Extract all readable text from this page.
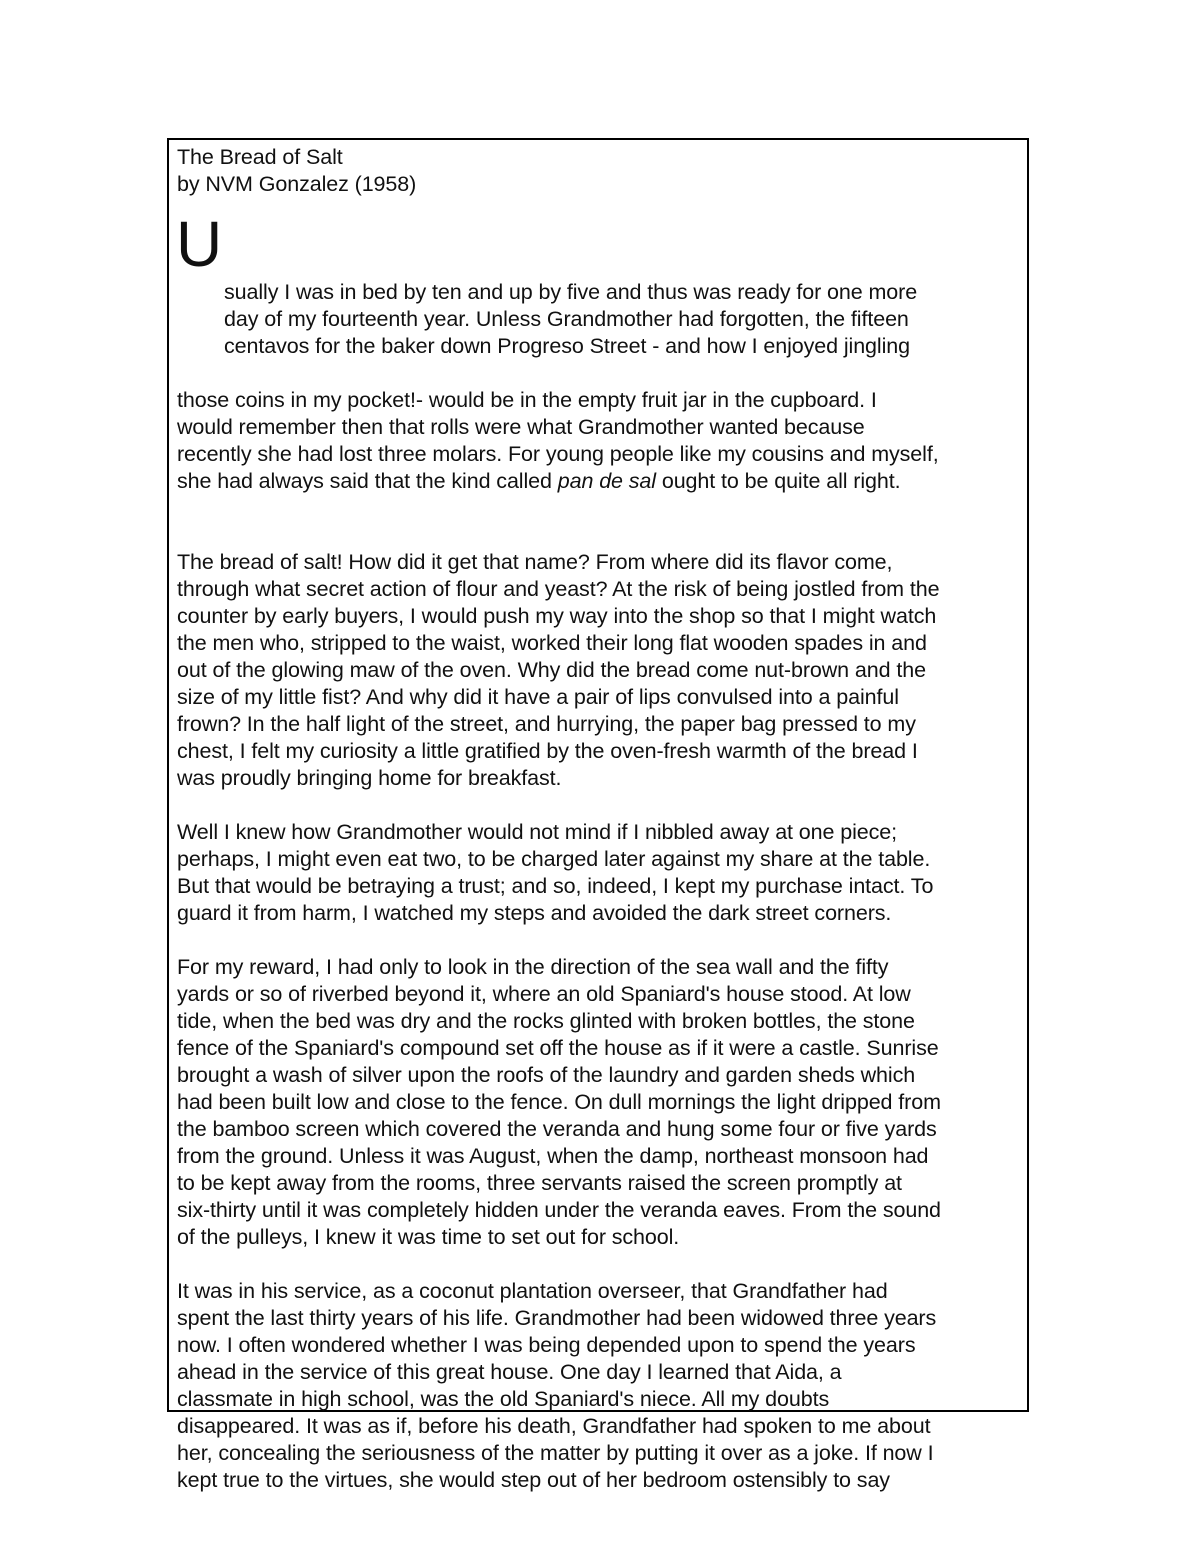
The Bread of Salt
by NVM Gonzalez (1958)

U

sually I was in bed by ten and up by five and thus was ready for one more
day of my fourteenth year. Unless Grandmother had forgotten, the fifteen
centavos for the baker down Progreso Street - and how I enjoyed jingling

those coins in my pocket!- would be in the empty fruit jar in the cupboard. I
would remember then that rolls were what Grandmother wanted because
recently she had lost three molars. For young people like my cousins and myself,
she had always said that the kind called pan de sal ought to be quite all right.

The bread of salt! How did it get that name? From where did its flavor come,
through what secret action of flour and yeast? At the risk of being jostled from the
counter by early buyers, I would push my way into the shop so that I might watch
the men who, stripped to the waist, worked their long flat wooden spades in and
out of the glowing maw of the oven. Why did the bread come nut-brown and the
size of my little fist? And why did it have a pair of lips convulsed into a painful
frown? In the half light of the street, and hurrying, the paper bag pressed to my
chest, I felt my curiosity a little gratified by the oven-fresh warmth of the bread I
was proudly bringing home for breakfast.
Well I knew how Grandmother would not mind if I nibbled away at one piece;
perhaps, I might even eat two, to be charged later against my share at the table.
But that would be betraying a trust; and so, indeed, I kept my purchase intact. To
guard it from harm, I watched my steps and avoided the dark street corners.
For my reward, I had only to look in the direction of the sea wall and the fifty
yards or so of riverbed beyond it, where an old Spaniard's house stood. At low
tide, when the bed was dry and the rocks glinted with broken bottles, the stone
fence of the Spaniard's compound set off the house as if it were a castle. Sunrise
brought a wash of silver upon the roofs of the laundry and garden sheds which
had been built low and close to the fence. On dull mornings the light dripped from
the bamboo screen which covered the veranda and hung some four or five yards
from the ground. Unless it was August, when the damp, northeast monsoon had
to be kept away from the rooms, three servants raised the screen promptly at
six-thirty until it was completely hidden under the veranda eaves. From the sound
of the pulleys, I knew it was time to set out for school.
It was in his service, as a coconut plantation overseer, that Grandfather had
spent the last thirty years of his life. Grandmother had been widowed three years
now. I often wondered whether I was being depended upon to spend the years
ahead in the service of this great house. One day I learned that Aida, a
classmate in high school, was the old Spaniard's niece. All my doubts
disappeared. It was as if, before his death, Grandfather had spoken to me about
her, concealing the seriousness of the matter by putting it over as a joke. If now I
kept true to the virtues, she would step out of her bedroom ostensibly to say
